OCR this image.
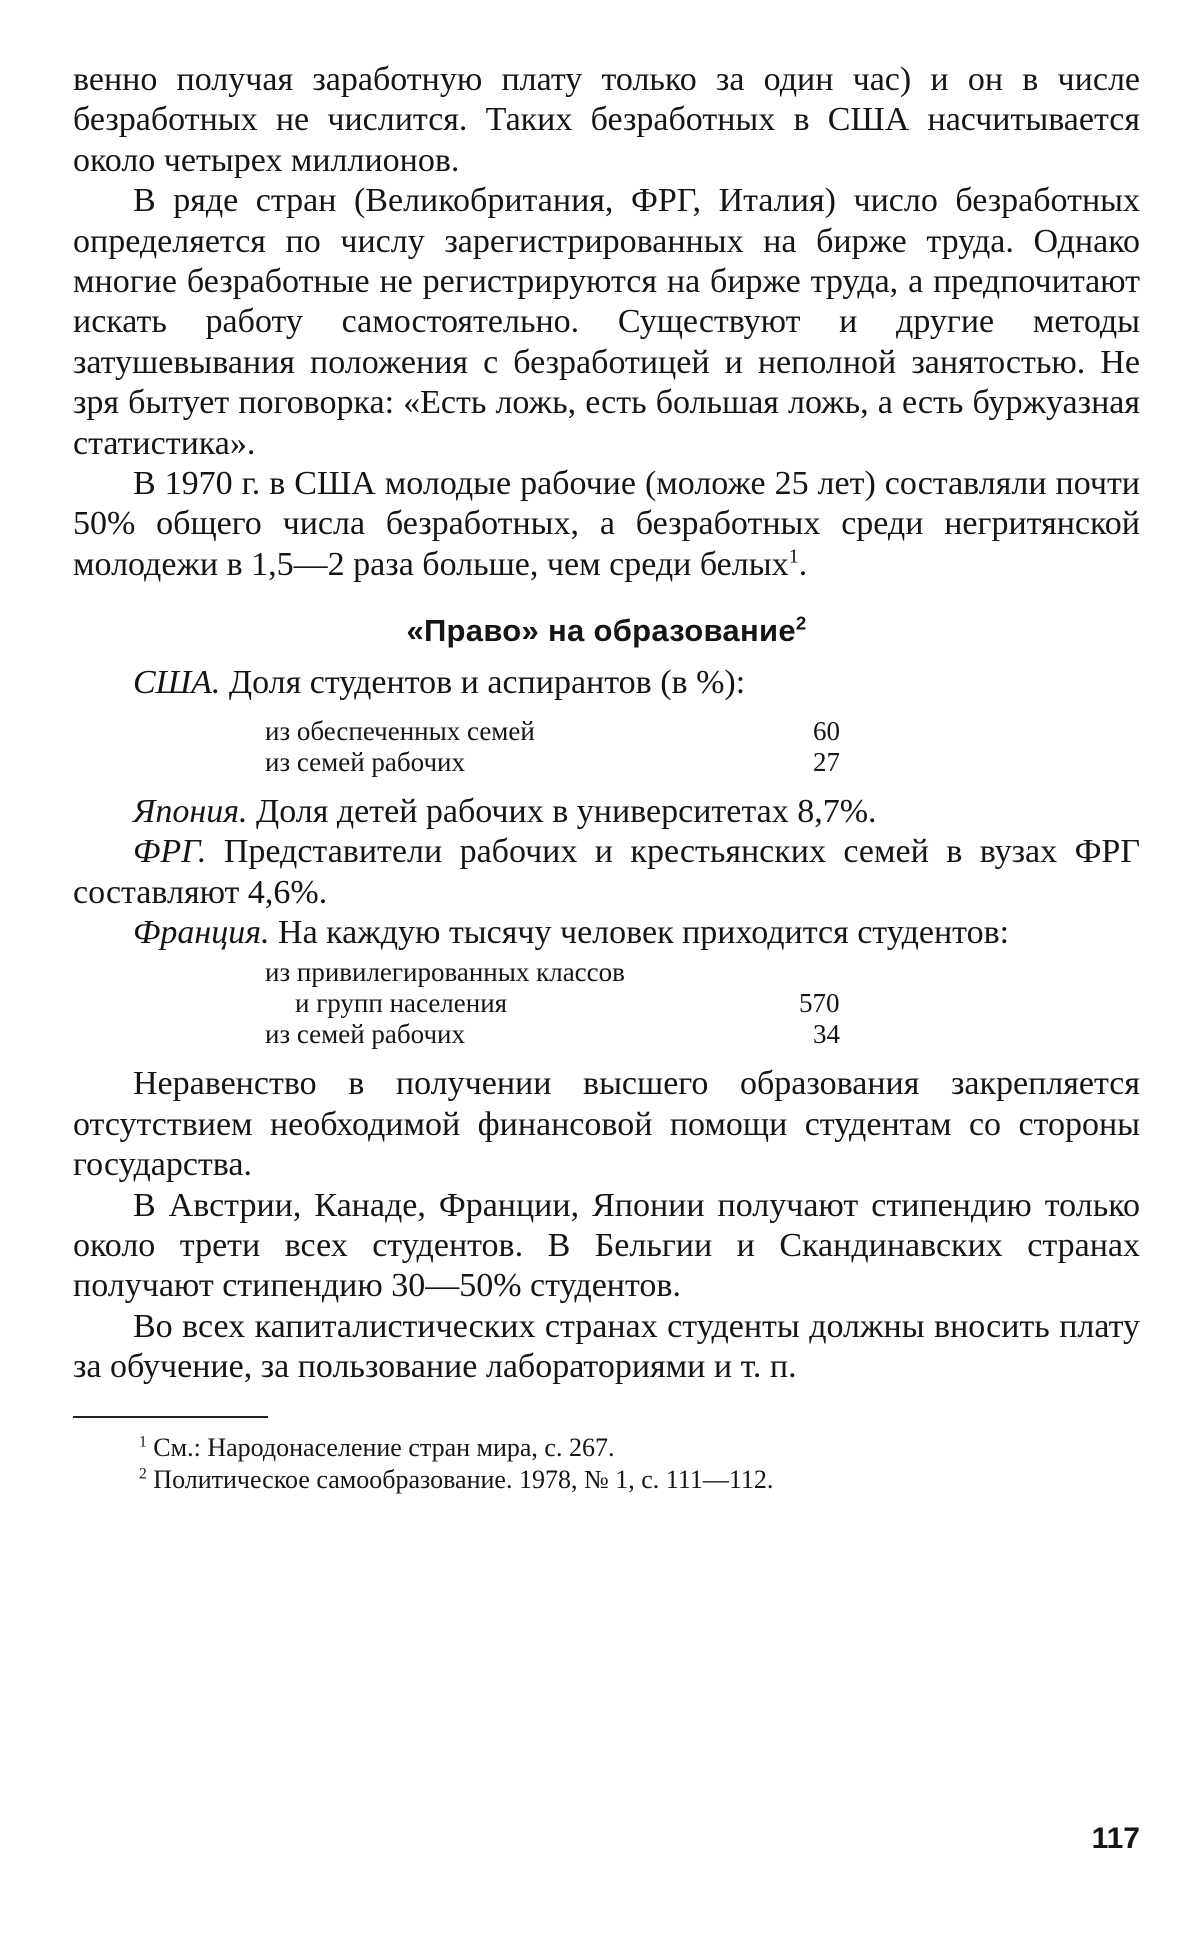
венно получая заработную плату только за один час) и он в числе безработных не числится. Таких безработных в США насчитывается около четырех миллионов.

В ряде стран (Великобритания, ФРГ, Италия) число безработных определяется по числу зарегистрированных на бирже труда. Однако многие безработные не регистрируются на бирже труда, а предпочитают искать работу самостоятельно. Существуют и другие методы затушевывания положения с безработицей и неполной занятостью. Не зря бытует поговорка: «Есть ложь, есть большая ложь, а есть буржуазная статистика».

В 1970 г. в США молодые рабочие (моложе 25 лет) составляли почти 50% общего числа безработных, а безработных среди негритянской молодежи в 1,5—2 раза больше, чем среди белых$^1$.

«Право» на образование$^2$

США. Доля студентов и аспирантов (в %):

из обеспеченных семей	60
из семей рабочих	27

Япония. Доля детей рабочих в университетах 8,7%.

ФРГ. Представители рабочих и крестьянских семей в вузах ФРГ составляют 4,6%.

Франция. На каждую тысячу человек приходится студентов:

из привилегированных классов
и групп населения	570
из семей рабочих	34

Неравенство в получении высшего образования закрепляется отсутствием необходимой финансовой помощи студентам со стороны государства.

В Австрии, Канаде, Франции, Японии получают стипендию только около трети всех студентов. В Бельгии и Скандинавских странах получают стипендию 30—50% студентов.

Во всех капиталистических странах студенты должны вносить плату за обучение, за пользование лабораториями и т. п.

$^1$ См.: Народонаселение стран мира, с. 267.

$^2$ Политическое самообразование. 1978, № 1, с. 111—112.

117
